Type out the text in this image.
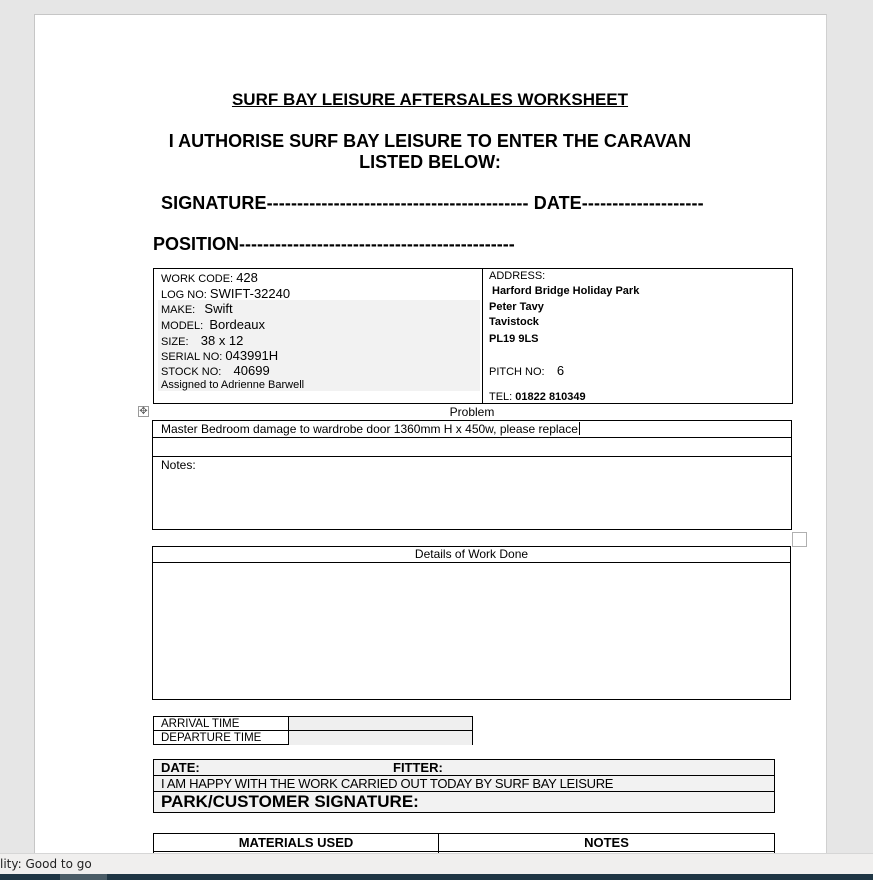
SURF BAY LEISURE AFTERSALES WORKSHEET
I AUTHORISE SURF BAY LEISURE TO ENTER THE CARAVAN
LISTED BELOW:
SIGNATURE------------------------------------------- DATE--------------------
POSITION----------------------------------------------
WORK CODE: 428
LOG NO: SWIFT-32240
MAKE: Swift
MODEL: Bordeaux
SIZE: 38 x 12
SERIAL NO: 043991H
STOCK NO: 40699
Assigned to Adrienne Barwell
ADDRESS:
Harford Bridge Holiday Park
Peter Tavy
Tavistock
PL19 9LS
PITCH NO: 6
TEL: 01822 810349
✥	Problem
Master Bedroom damage to wardrobe door 1360mm H x 450w, please replace
Notes:
Details of Work Done
ARRIVAL TIME
DEPARTURE TIME
DATE:	FITTER:
I AM HAPPY WITH THE WORK CARRIED OUT TODAY BY SURF BAY LEISURE
PARK/CUSTOMER SIGNATURE:
MATERIALS USED	NOTES
lity: Good to go
